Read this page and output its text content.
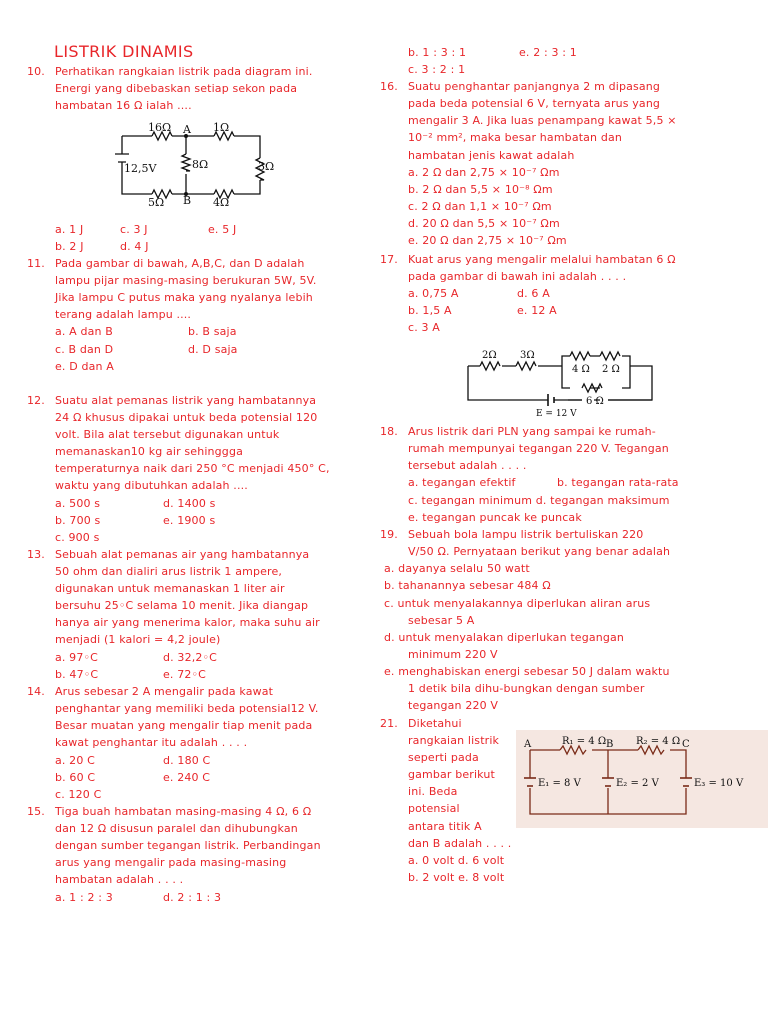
LISTRIK DINAMIS
10. Perhatikan rangkaian listrik pada diagram ini.
Energi yang dibebaskan setiap sekon pada
hambatan 16 Ω ialah ....
a. 1 J	c. 3 J	e. 5 J
b. 2 J	d. 4 J
11. Pada gambar di bawah, A,B,C, dan D adalah
lampu pijar masing-masing berukuran 5W, 5V.
Jika lampu C putus maka yang nyalanya lebih
terang adalah lampu ....
a. A dan B	b. B saja
c. B dan D	d. D saja
e. D dan A
12. Suatu alat pemanas listrik yang hambatannya
24 Ω khusus dipakai untuk beda potensial 120
volt. Bila alat tersebut digunakan untuk
memanaskan10 kg air sehinggga
temperaturnya naik dari 250 °C menjadi 450° C,
waktu yang dibutuhkan adalah ....
a. 500 s	d. 1400 s
b. 700 s	e. 1900 s
c. 900 s
13. Sebuah alat pemanas air yang hambatannya
50 ohm dan dialiri arus listrik 1 ampere,
digunakan untuk memanaskan 1 liter air
bersuhu 25◦C selama 10 menit. Jika diangap
hanya air yang menerima kalor, maka suhu air
menjadi (1 kalori = 4,2 joule)
a. 97◦C	d. 32,2◦C
b. 47◦C	e. 72◦C
14. Arus sebesar 2 A mengalir pada kawat
penghantar yang memiliki beda potensial12 V.
Besar muatan yang mengalir tiap menit pada
kawat penghantar itu adalah . . . .
a. 20 C	d. 180 C
b. 60 C	e. 240 C
c. 120 C
15. Tiga buah hambatan masing-masing 4 Ω, 6 Ω
dan 12 Ω disusun paralel dan dihubungkan
dengan sumber tegangan listrik. Perbandingan
arus yang mengalir pada masing-masing
hambatan adalah . . . .
a. 1 : 2 : 3	d. 2 : 1 : 3
b. 1 : 3 : 1	e. 2 : 3 : 1
c. 3 : 2 : 1
16. Suatu penghantar panjangnya 2 m dipasang
pada beda potensial 6 V, ternyata arus yang
mengalir 3 A. Jika luas penampang kawat 5,5 ×
10⁻² mm², maka besar hambatan dan
hambatan jenis kawat adalah
a. 2 Ω dan 2,75 × 10⁻⁷ Ωm
b. 2 Ω dan 5,5 × 10⁻⁸ Ωm
c. 2 Ω dan 1,1 × 10⁻⁷ Ωm
d. 20 Ω dan 5,5 × 10⁻⁷ Ωm
e. 20 Ω dan 2,75 × 10⁻⁷ Ωm
17. Kuat arus yang mengalir melalui hambatan 6 Ω
pada gambar di bawah ini adalah . . . .
a. 0,75 A	d. 6 A
b. 1,5 A	e. 12 A
c. 3 A
18. Arus listrik dari PLN yang sampai ke rumah-
rumah mempunyai tegangan 220 V. Tegangan
tersebut adalah . . . .
a. tegangan efektif	b. tegangan rata-rata
c. tegangan minimum d. tegangan maksimum
e. tegangan puncak ke puncak
19. Sebuah bola lampu listrik bertuliskan 220
V/50 Ω. Pernyataan berikut yang benar adalah
a. dayanya selalu 50 watt
b. tahanannya sebesar 484 Ω
c. untuk menyalakannya diperlukan aliran arus
sebesar 5 A
d. untuk menyalakan diperlukan tegangan
minimum 220 V
e. menghabiskan energi sebesar 50 J dalam waktu
1 detik bila dihu-bungkan dengan sumber
tegangan 220 V
21. Diketahui
rangkaian listrik
seperti pada
gambar berikut
ini. Beda
potensial
antara titik A
dan B adalah . . . .
a. 0 volt d. 6 volt
b. 2 volt e. 8 volt
16Ω A 1Ω
8Ω	3Ω
12,5V
5Ω B 4Ω
2Ω 3Ω
4 Ω 2 Ω
6 Ω
E = 12 V
A	R₁ = 4 Ω B R₂ = 4 Ω C
E₁ = 8 V	E₂ = 2 V	E₃ = 10 V
